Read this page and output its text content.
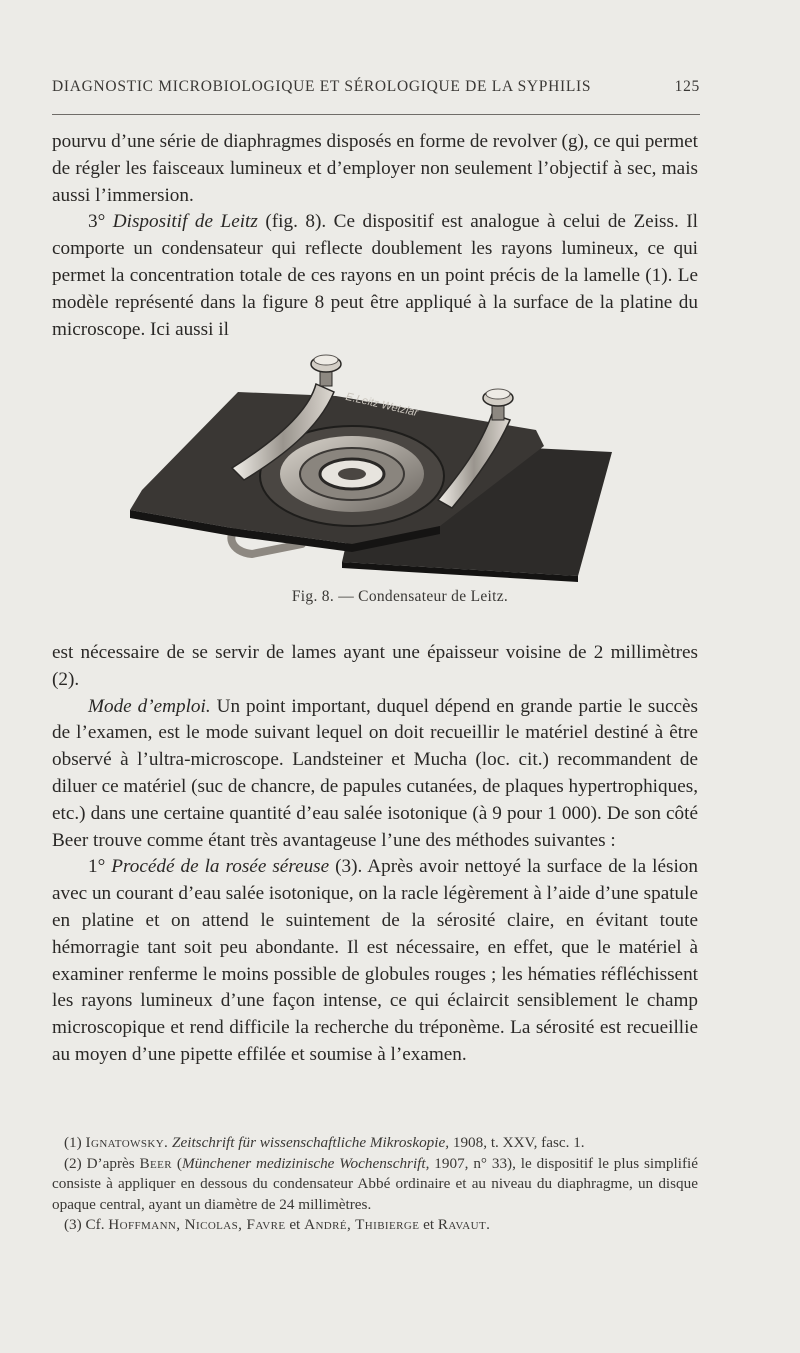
DIAGNOSTIC MICROBIOLOGIQUE ET SÉROLOGIQUE DE LA SYPHILIS	125

pourvu d’une série de diaphragmes disposés en forme de revolver (g), ce qui permet de régler les faisceaux lumineux et d’employer non seulement l’objectif à sec, mais aussi l’immersion.

3° Dispositif de Leitz (fig. 8). Ce dispositif est analogue à celui de Zeiss. Il comporte un condensateur qui reflecte doublement les rayons lumineux, ce qui permet la concentration totale de ces rayons en un point précis de la lamelle (1). Le modèle représenté dans la figure 8 peut être appliqué à la surface de la platine du microscope. Ici aussi il

E.Leitz Wetzlar
Fig. 8. — Condensateur de Leitz.

est nécessaire de se servir de lames ayant une épaisseur voisine de 2 millimètres (2).

Mode d’emploi. Un point important, duquel dépend en grande partie le succès de l’examen, est le mode suivant lequel on doit recueillir le matériel destiné à être observé à l’ultra-microscope. Landsteiner et Mucha (loc. cit.) recommandent de diluer ce matériel (suc de chancre, de papules cutanées, de plaques hypertrophiques, etc.) dans une certaine quantité d’eau salée isotonique (à 9 pour 1 000). De son côté Beer trouve comme étant très avantageuse l’une des méthodes suivantes :

1° Procédé de la rosée séreuse (3). Après avoir nettoyé la surface de la lésion avec un courant d’eau salée isotonique, on la racle légèrement à l’aide d’une spatule en platine et on attend le suintement de la sérosité claire, en évitant toute hémorragie tant soit peu abondante. Il est nécessaire, en effet, que le matériel à examiner renferme le moins possible de globules rouges ; les hématies réfléchissent les rayons lumineux d’une façon intense, ce qui éclaircit sensiblement le champ microscopique et rend difficile la recherche du tréponème. La sérosité est recueillie au moyen d’une pipette effilée et soumise à l’examen.

(1) Ignatowsky. Zeitschrift für wissenschaftliche Mikroskopie, 1908, t. XXV, fasc. 1.

(2) D’après Beer (Münchener medizinische Wochenschrift, 1907, n° 33), le dispositif le plus simplifié consiste à appliquer en dessous du condensateur Abbé ordinaire et au niveau du diaphragme, un disque opaque central, ayant un diamètre de 24 millimètres.

(3) Cf. Hoffmann, Nicolas, Favre et André, Thibierge et Ravaut.
